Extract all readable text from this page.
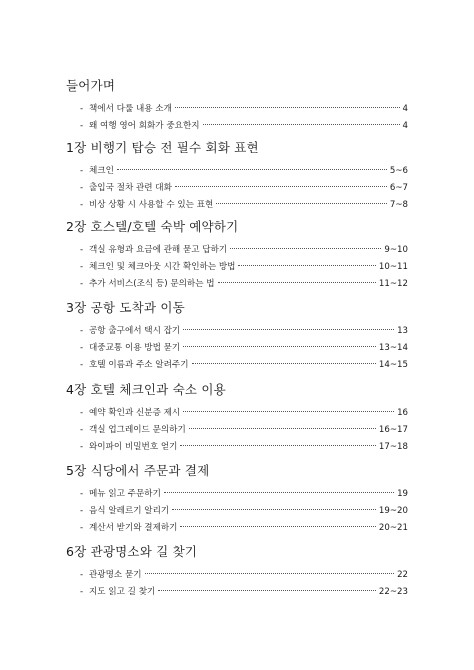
들어가며
- 책에서 다룰 내용 소개	4
- 왜 여행 영어 회화가 중요한지	4
1장 비행기 탑승 전 필수 회화 표현
- 체크인	5~6
- 출입국 절차 관련 대화	6~7
- 비상 상황 시 사용할 수 있는 표현	7~8
2장 호스텔/호텔 숙박 예약하기
- 객실 유형과 요금에 관해 묻고 답하기	9~10
- 체크인 및 체크아웃 시간 확인하는 방법	10~11
- 추가 서비스(조식 등) 문의하는 법	11~12
3장 공항 도착과 이동
- 공항 출구에서 택시 잡기	13
- 대중교통 이용 방법 묻기	13~14
- 호텔 이름과 주소 알려주기	14~15
4장 호텔 체크인과 숙소 이용
- 예약 확인과 신분증 제시	16
- 객실 업그레이드 문의하기	16~17
- 와이파이 비밀번호 얻기	17~18
5장 식당에서 주문과 결제
- 메뉴 읽고 주문하기	19
- 음식 알레르기 알리기	19~20
- 계산서 받기와 결제하기	20~21
6장 관광명소와 길 찾기
- 관광명소 묻기	22
- 지도 읽고 길 찾기	22~23
